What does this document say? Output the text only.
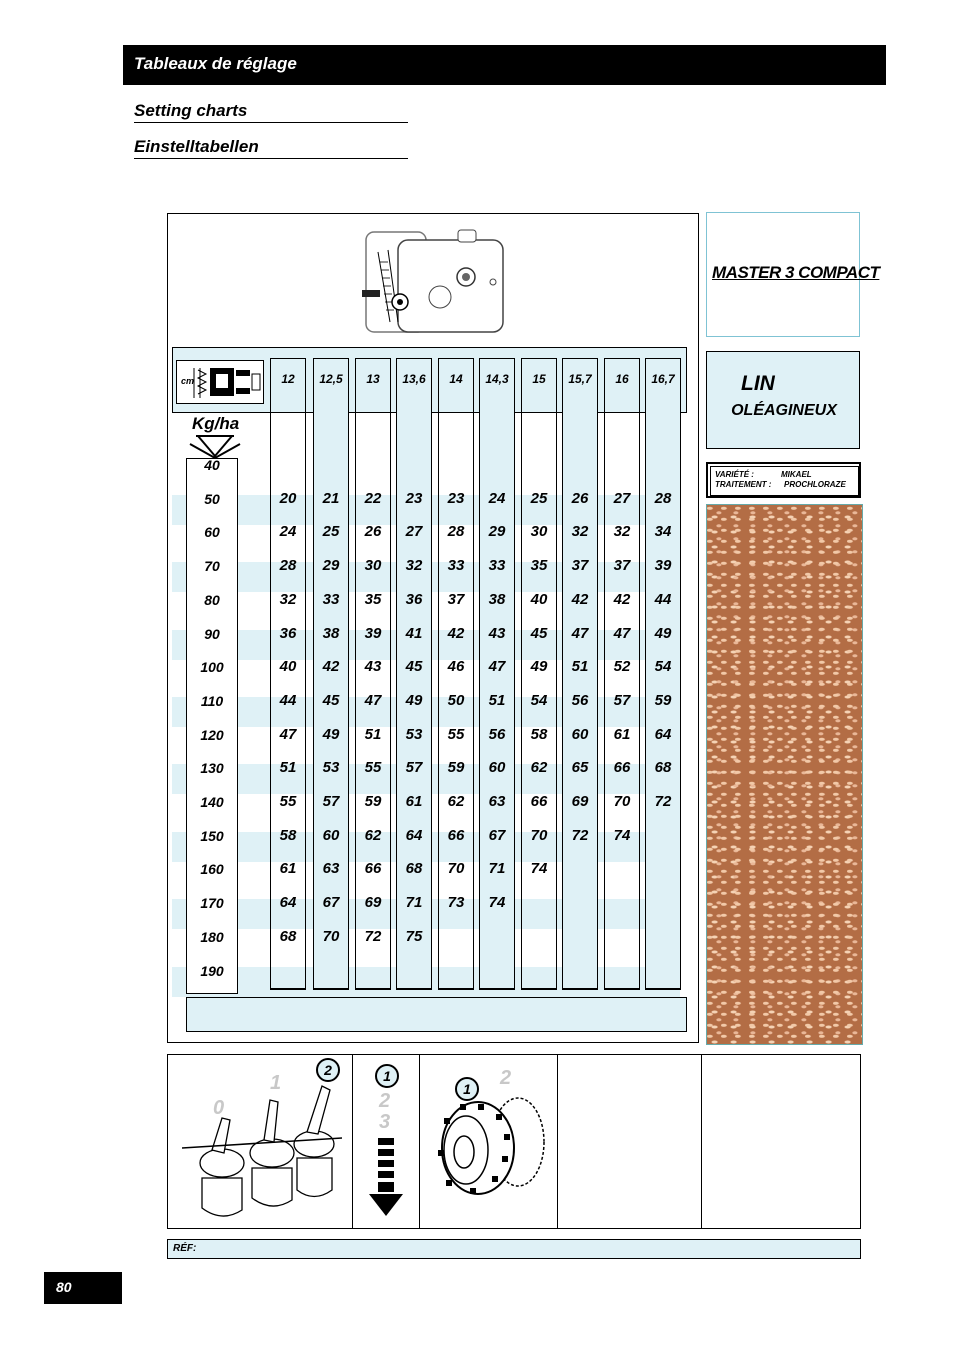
Tableaux de réglage
Setting charts
Einstelltabellen
cm
Kg/ha
12	12,5	13	13,6	14	14,3	15	15,7	16	16,7
40
50	20	21	22	23	23	24	25	26	27	28
60	24	25	26	27	28	29	30	32	32	34
70	28	29	30	32	33	33	35	37	37	39
80	32	33	35	36	37	38	40	42	42	44
90	36	38	39	41	42	43	45	47	47	49
100	40	42	43	45	46	47	49	51	52	54
110	44	45	47	49	50	51	54	56	57	59
120	47	49	51	53	55	56	58	60	61	64
130	51	53	55	57	59	60	62	65	66	68
140	55	57	59	61	62	63	66	69	70	72
150	58	60	62	64	66	67	70	72	74
160	61	63	66	68	70	71	74
170	64	67	69	71	73	74
180	68	70	72	75
190
MASTER 3 COMPACT
LIN
OLÉAGINEUX
VARIÉTÉ :	MIKAEL
TRAITEMENT : PROCHLORAZE
2
1
0
1
2
3
1	2
RÉF:
80
